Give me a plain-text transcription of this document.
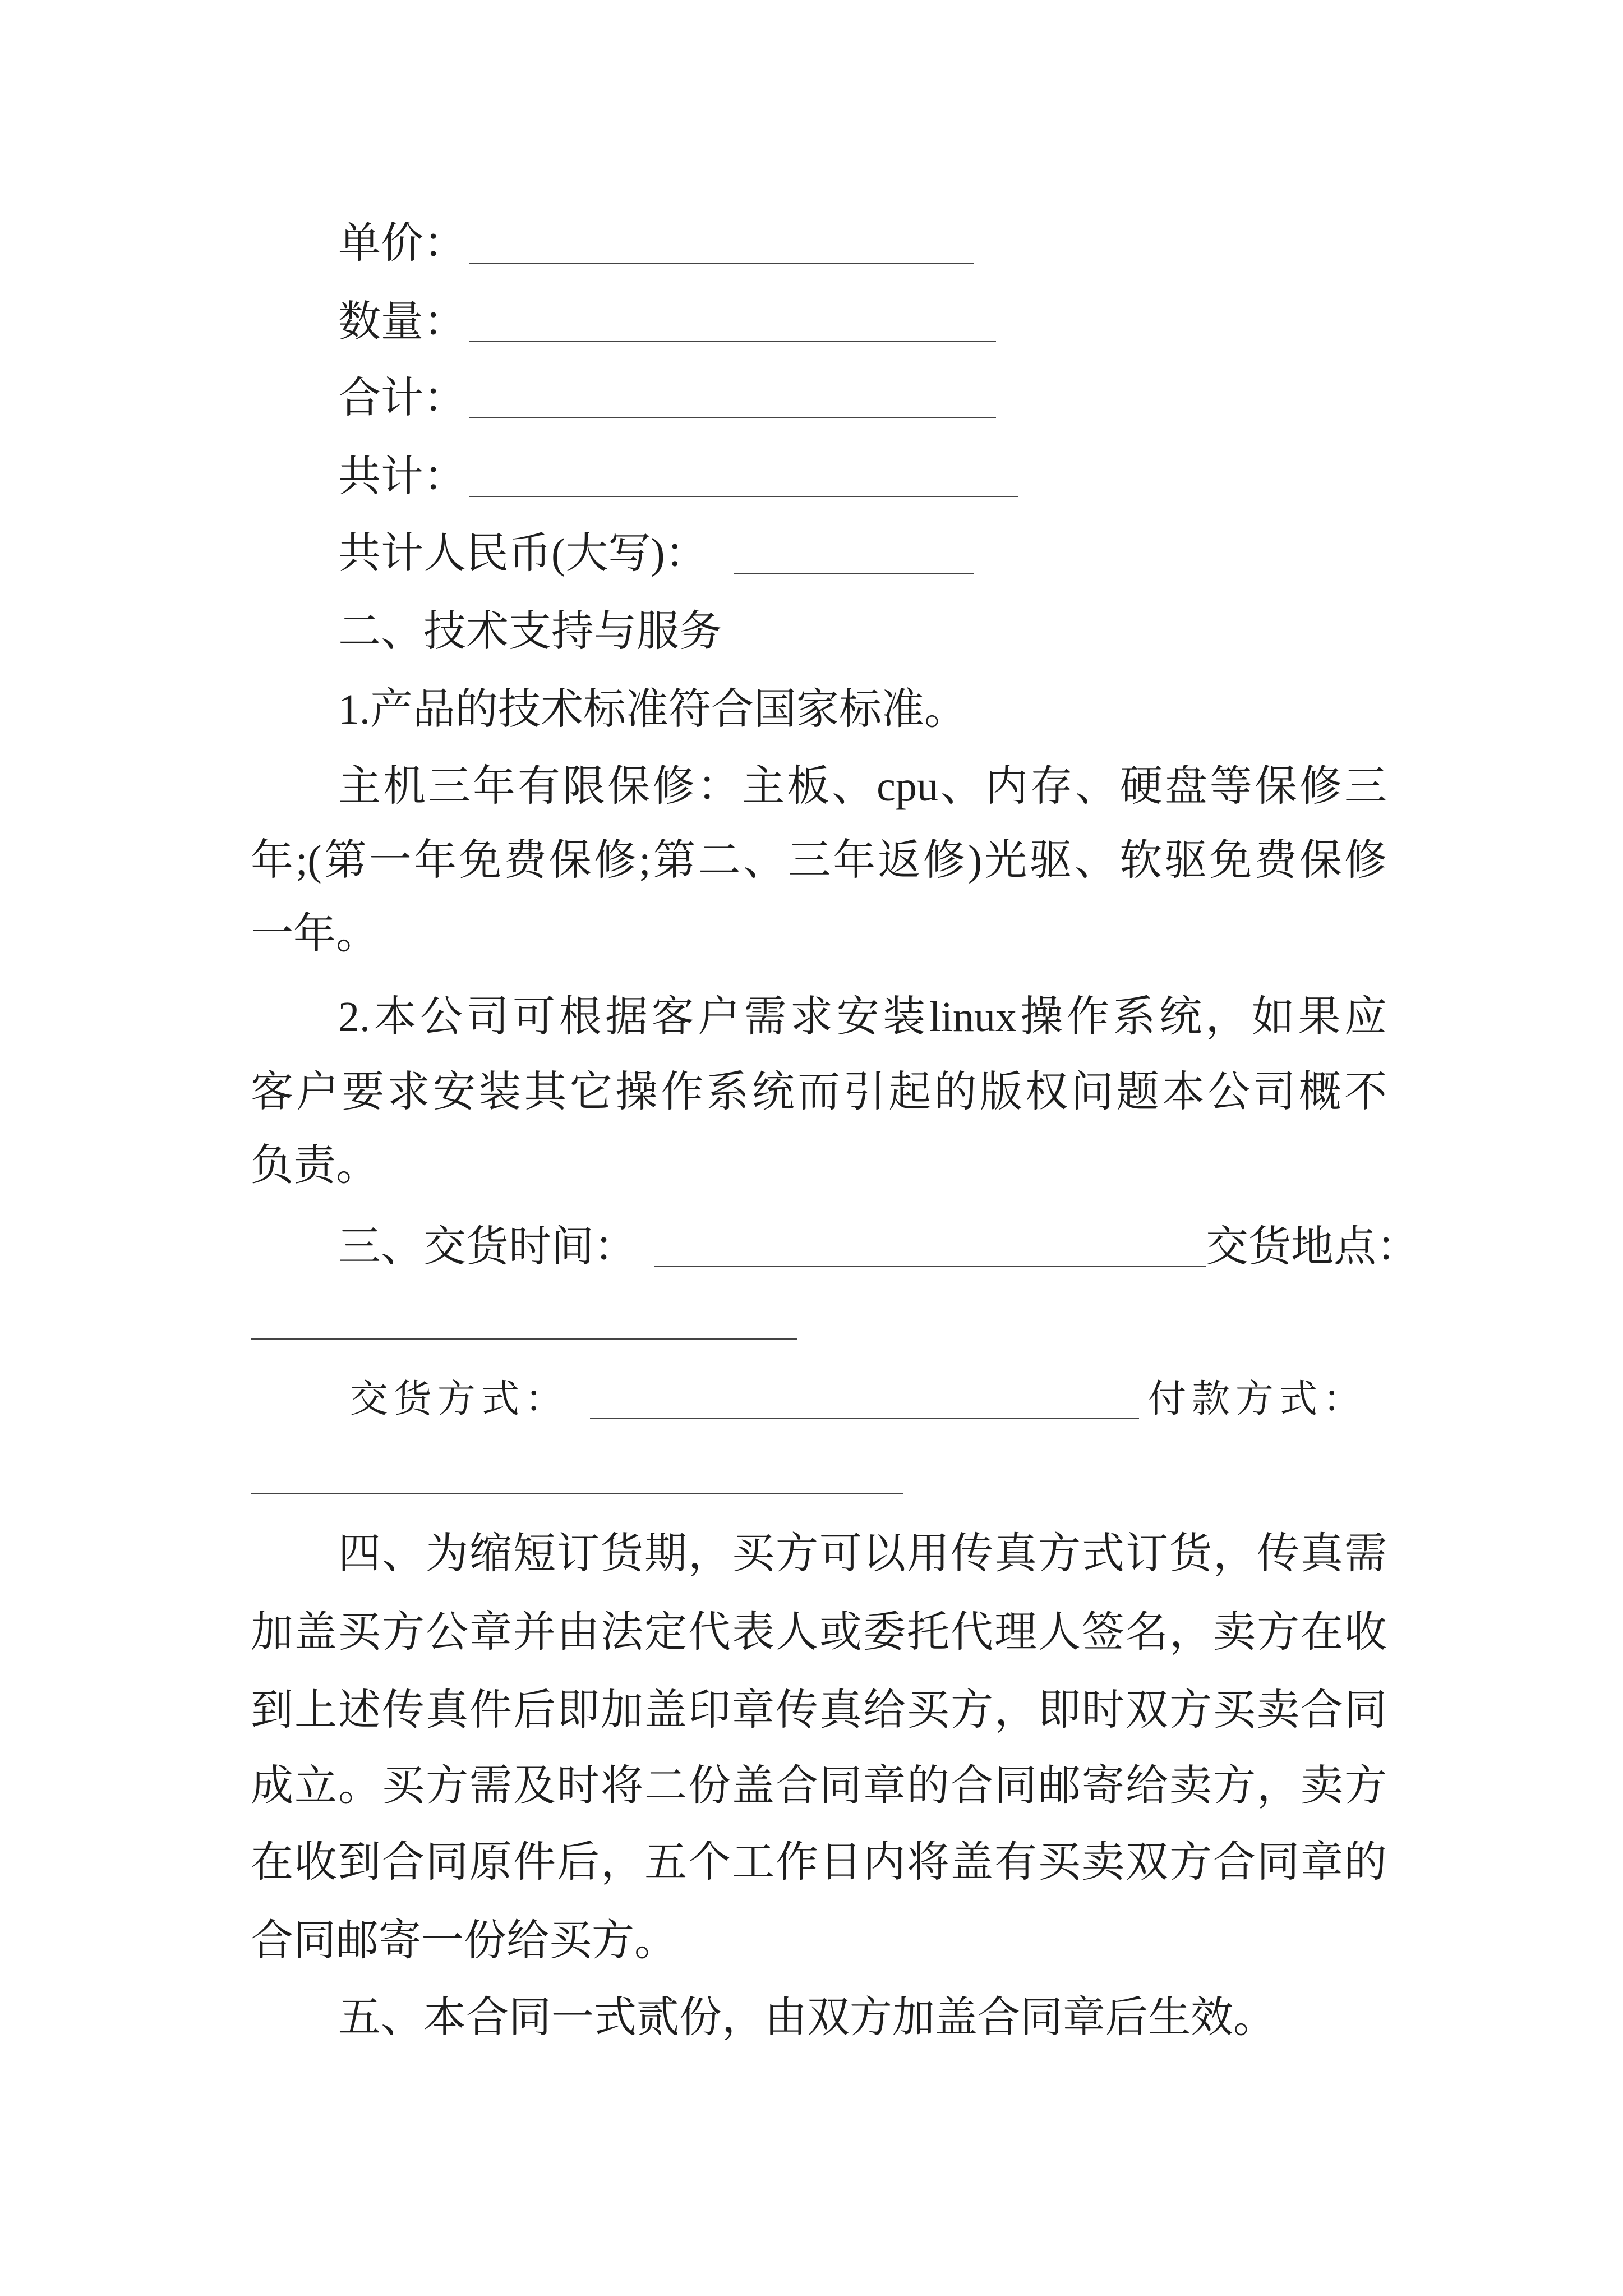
单价：
数量：
合计：
共计：
共计人民币(大写)：
二、技术支持与服务
1.产品的技术标准符合国家标准。
主机三年有限保修：主板、cpu、内存、硬盘等保修三
年;(第一年免费保修;第二、三年返修)光驱、软驱免费保修
一年。
2.本公司可根据客户需求安装linux操作系统，如果应
客户要求安装其它操作系统而引起的版权问题本公司概不
负责。
三、交货时间：	交货地点：
交货方式：	付款方式：
四、为缩短订货期，买方可以用传真方式订货，传真需
加盖买方公章并由法定代表人或委托代理人签名，卖方在收
到上述传真件后即加盖印章传真给买方，即时双方买卖合同
成立。买方需及时将二份盖合同章的合同邮寄给卖方，卖方
在收到合同原件后，五个工作日内将盖有买卖双方合同章的
合同邮寄一份给买方。
五、本合同一式贰份，由双方加盖合同章后生效。
